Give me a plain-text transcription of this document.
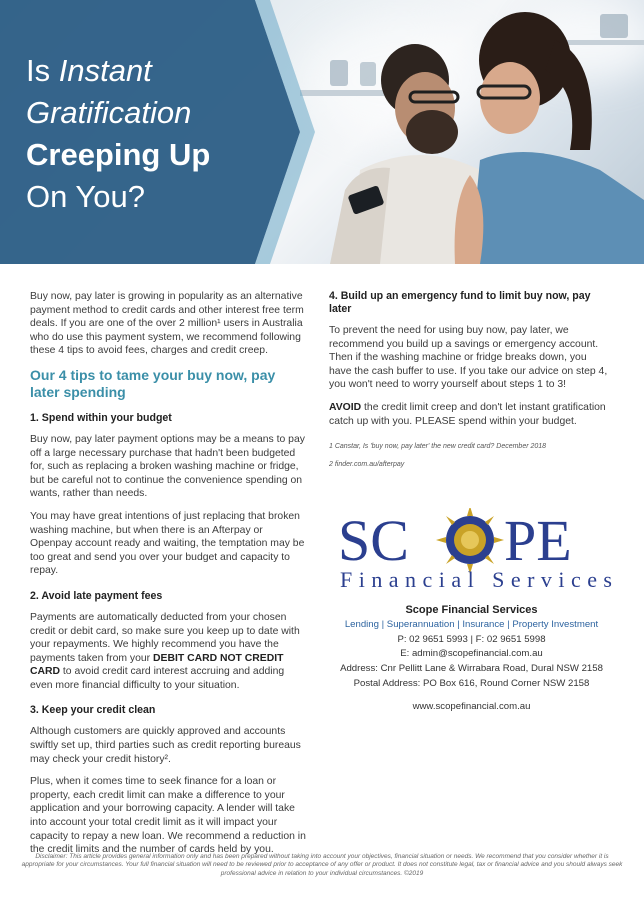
Is Instant
Gratification
Creeping Up
On You?

Buy now, pay later is growing in popularity as an alternative payment method to credit cards and other interest free term deals. If you are one of the over 2 million¹ users in Australia who do use this payment system, we recommend following these 4 tips to avoid fees, charges and credit creep.

Our 4 tips to tame your buy now, pay later spending
1. Spend within your budget

Buy now, pay later payment options may be a means to pay off a large necessary purchase that hadn't been budgeted for, such as replacing a broken washing machine or fridge, but be careful not to continue the convenience spending on wants, rather than needs.

You may have great intentions of just replacing that broken washing machine, but when there is an Afterpay or Openpay account ready and waiting, the temptation may be too great and send you over your budget and capacity to repay.

2. Avoid late payment fees

Payments are automatically deducted from your chosen credit or debit card, so make sure you keep up to date with your repayments. We highly recommend you have the payments taken from your DEBIT CARD NOT CREDIT CARD to avoid credit card interest accruing and adding even more financial difficulty to your situation.

3. Keep your credit clean

Although customers are quickly approved and accounts swiftly set up, third parties such as credit reporting bureaus may check your credit history².

Plus, when it comes time to seek finance for a loan or property, each credit limit can make a difference to your application and your borrowing capacity. A lender will take into account your total credit limit as it will impact your capacity to repay a new loan. We recommend a reduction in the credit limits and the number of cards held by you.

4. Build up an emergency fund to limit buy now, pay later

To prevent the need for using buy now, pay later, we recommend you build up a savings or emergency account. Then if the washing machine or fridge breaks down, you have the cash buffer to use. If you take our advice on step 4, you won't need to worry yourself about steps 1 to 3!

AVOID the credit limit creep and don't let instant gratification catch up with you. PLEASE spend within your budget.

1 Canstar, Is 'buy now, pay later' the new credit card? December 2018

2 finder.com.au/afterpay

SC PE
Financial Services
Scope Financial Services
Lending | Superannuation | Insurance | Property Investment
P: 02 9651 5993 | F: 02 9651 5998
E: admin@scopefinancial.com.au
Address: Cnr Pellitt Lane & Wirrabara Road, Dural NSW 2158
Postal Address: PO Box 616, Round Corner NSW 2158
www.scopefinancial.com.au
Disclaimer: This article provides general information only and has been prepared without taking into account your objectives, financial situation or needs. We recommend that you consider whether it is appropriate for your circumstances. Your full financial situation will need to be reviewed prior to acceptance of any offer or product. It does not constitute legal, tax or financial advice and you should always seek professional advice in relation to your individual circumstances. ©2019
